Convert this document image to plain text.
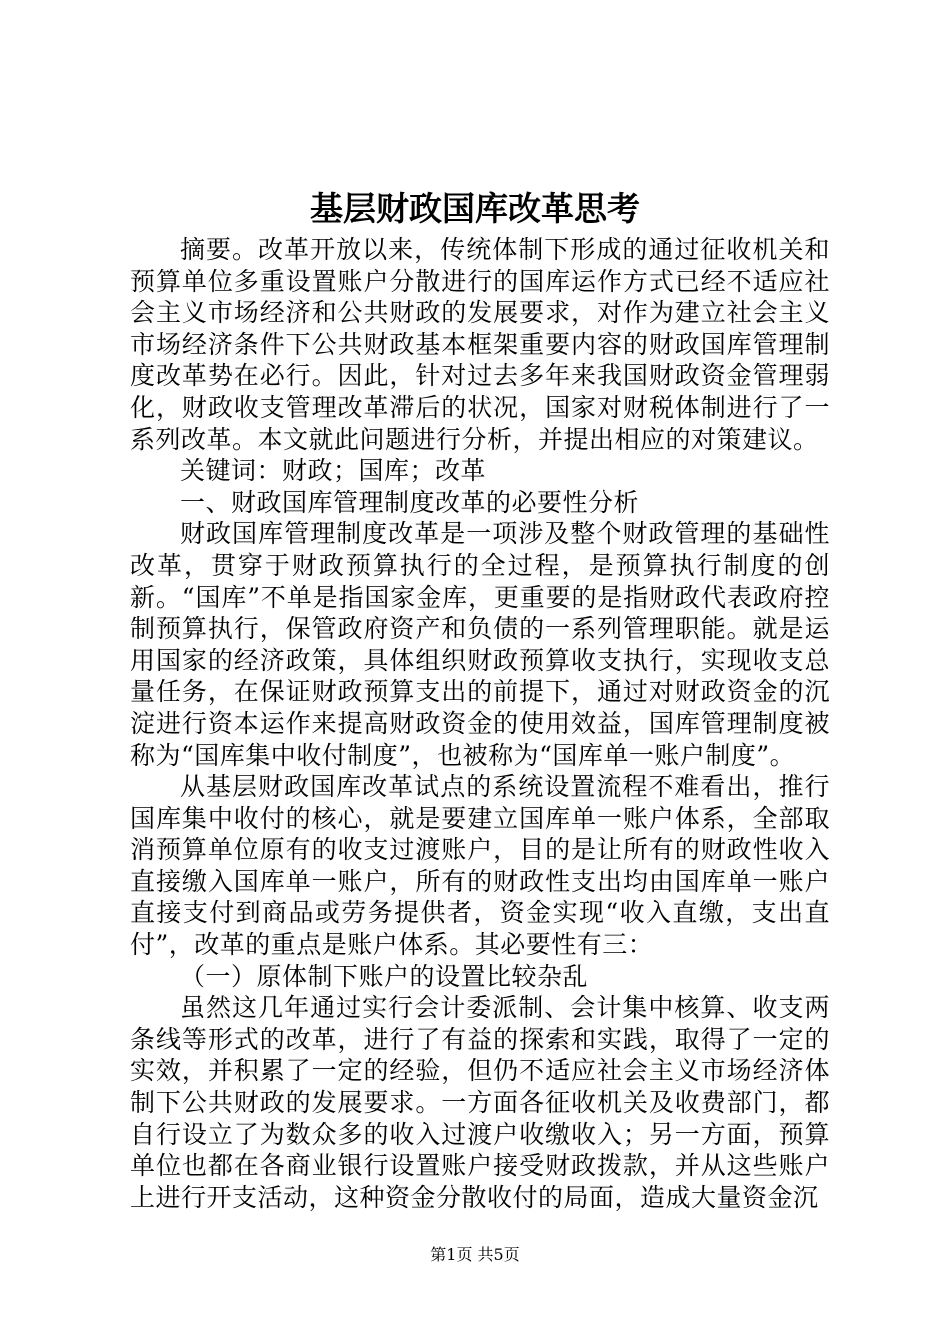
基层财政国库改革思考

摘要。改革开放以来，传统体制下形成的通过征收机关和预算单位多重设置账户分散进行的国库运作方式已经不适应社会主义市场经济和公共财政的发展要求，对作为建立社会主义市场经济条件下公共财政基本框架重要内容的财政国库管理制度改革势在必行。因此，针对过去多年来我国财政资金管理弱化，财政收支管理改革滞后的状况，国家对财税体制进行了一系列改革。本文就此问题进行分析，并提出相应的对策建议。

关键词：财政；国库；改革

一、财政国库管理制度改革的必要性分析

财政国库管理制度改革是一项涉及整个财政管理的基础性改革，贯穿于财政预算执行的全过程，是预算执行制度的创新。“国库”不单是指国家金库，更重要的是指财政代表政府控制预算执行，保管政府资产和负债的一系列管理职能。就是运用国家的经济政策，具体组织财政预算收支执行，实现收支总量任务，在保证财政预算支出的前提下，通过对财政资金的沉淀进行资本运作来提高财政资金的使用效益，国库管理制度被称为“国库集中收付制度”，也被称为“国库单一账户制度”。

从基层财政国库改革试点的系统设置流程不难看出，推行国库集中收付的核心，就是要建立国库单一账户体系，全部取消预算单位原有的收支过渡账户，目的是让所有的财政性收入直接缴入国库单一账户，所有的财政性支出均由国库单一账户直接支付到商品或劳务提供者，资金实现“收入直缴，支出直付”，改革的重点是账户体系。其必要性有三：

（一）原体制下账户的设置比较杂乱

虽然这几年通过实行会计委派制、会计集中核算、收支两条线等形式的改革，进行了有益的探索和实践，取得了一定的实效，并积累了一定的经验，但仍不适应社会主义市场经济体制下公共财政的发展要求。一方面各征收机关及收费部门，都自行设立了为数众多的收入过渡户收缴收入；另一方面，预算单位也都在各商业银行设置账户接受财政拨款，并从这些账户上进行开支活动，这种资金分散收付的局面，造成大量资金沉

第1页 共5页
